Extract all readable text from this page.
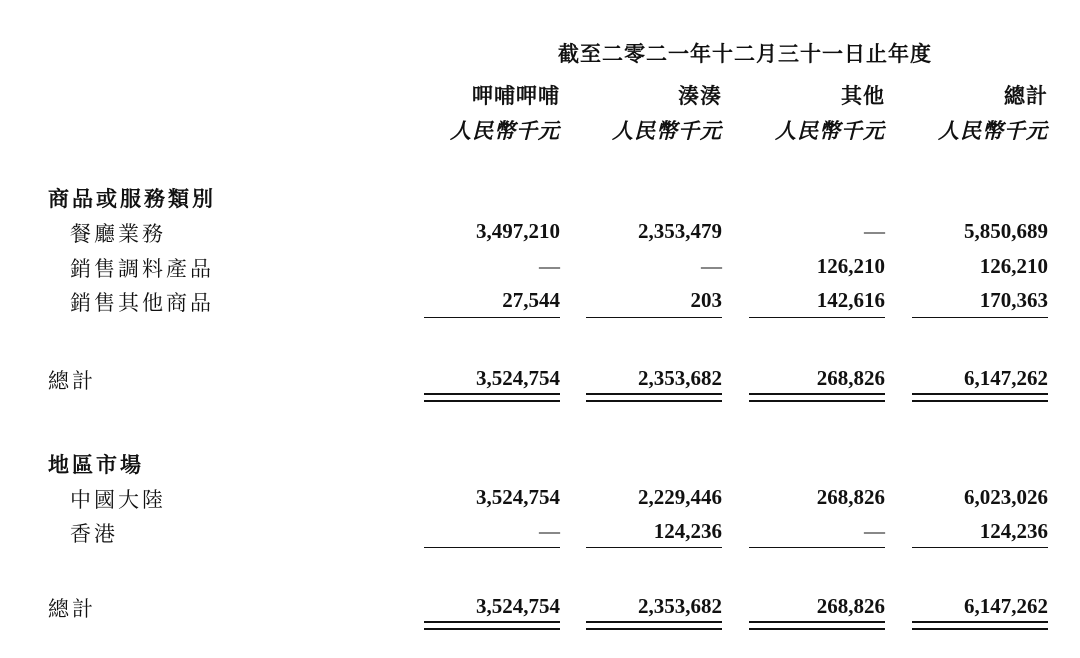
截至二零二一年十二月三十一日止年度
呷哺呷哺	湊湊	其他	總計
人民幣千元	人民幣千元	人民幣千元	人民幣千元
商品或服務類別
餐廳業務	3,497,210	2,353,479	—	5,850,689
銷售調料產品	—	—	126,210	126,210
銷售其他商品	27,544	203	142,616	170,363
總計	3,524,754	2,353,682	268,826	6,147,262
地區市場
中國大陸	3,524,754	2,229,446	268,826	6,023,026
香港	—	124,236	—	124,236
總計	3,524,754	2,353,682	268,826	6,147,262
